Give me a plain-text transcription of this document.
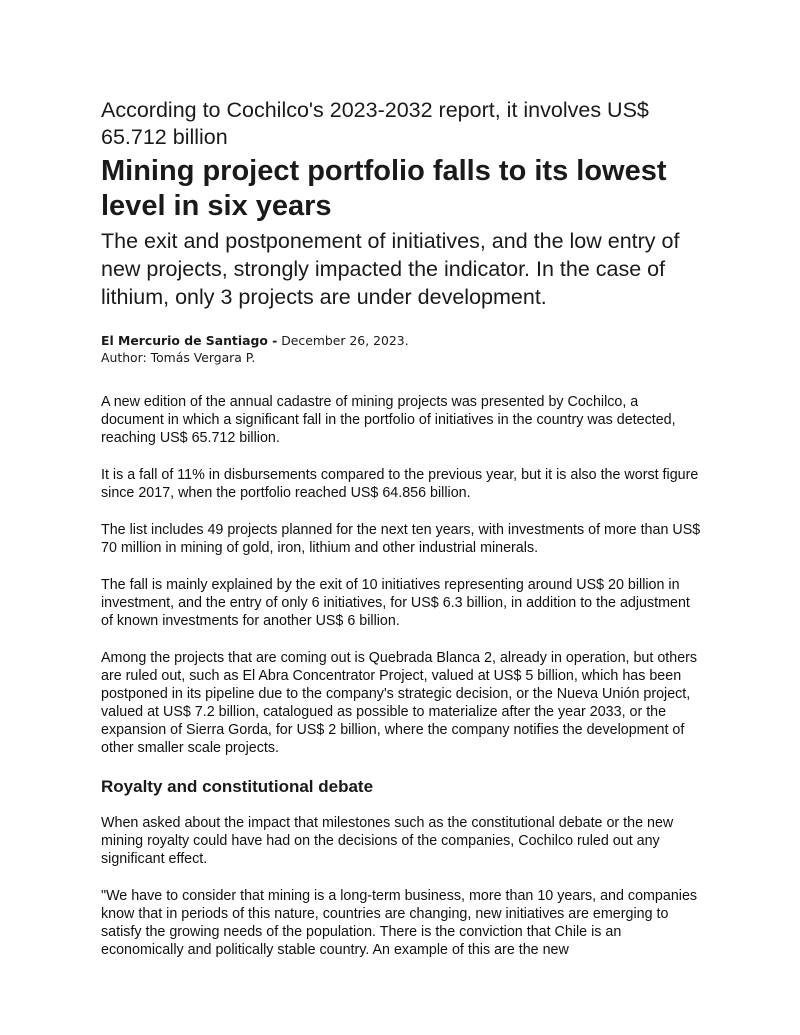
According to Cochilco's 2023-2032 report, it involves US$ 65.712 billion
Mining project portfolio falls to its lowest level in six years
The exit and postponement of initiatives, and the low entry of new projects, strongly impacted the indicator. In the case of lithium, only 3 projects are under development.
El Mercurio de Santiago - December 26, 2023.
Author: Tomás Vergara P.

A new edition of the annual cadastre of mining projects was presented by Cochilco, a document in which a significant fall in the portfolio of initiatives in the country was detected, reaching US$ 65.712 billion.

It is a fall of 11% in disbursements compared to the previous year, but it is also the worst figure since 2017, when the portfolio reached US$ 64.856 billion.

The list includes 49 projects planned for the next ten years, with investments of more than US$ 70 million in mining of gold, iron, lithium and other industrial minerals.

The fall is mainly explained by the exit of 10 initiatives representing around US$ 20 billion in investment, and the entry of only 6 initiatives, for US$ 6.3 billion, in addition to the adjustment of known investments for another US$ 6 billion.

Among the projects that are coming out is Quebrada Blanca 2, already in operation, but others are ruled out, such as El Abra Concentrator Project, valued at US$ 5 billion, which has been postponed in its pipeline due to the company's strategic decision, or the Nueva Unión project, valued at US$ 7.2 billion, catalogued as possible to materialize after the year 2033, or the expansion of Sierra Gorda, for US$ 2 billion, where the company notifies the development of other smaller scale projects.

Royalty and constitutional debate

When asked about the impact that milestones such as the constitutional debate or the new mining royalty could have had on the decisions of the companies, Cochilco ruled out any significant effect.

"We have to consider that mining is a long-term business, more than 10 years, and companies know that in periods of this nature, countries are changing, new initiatives are emerging to satisfy the growing needs of the population. There is the conviction that Chile is an economically and politically stable country. An example of this are the new
